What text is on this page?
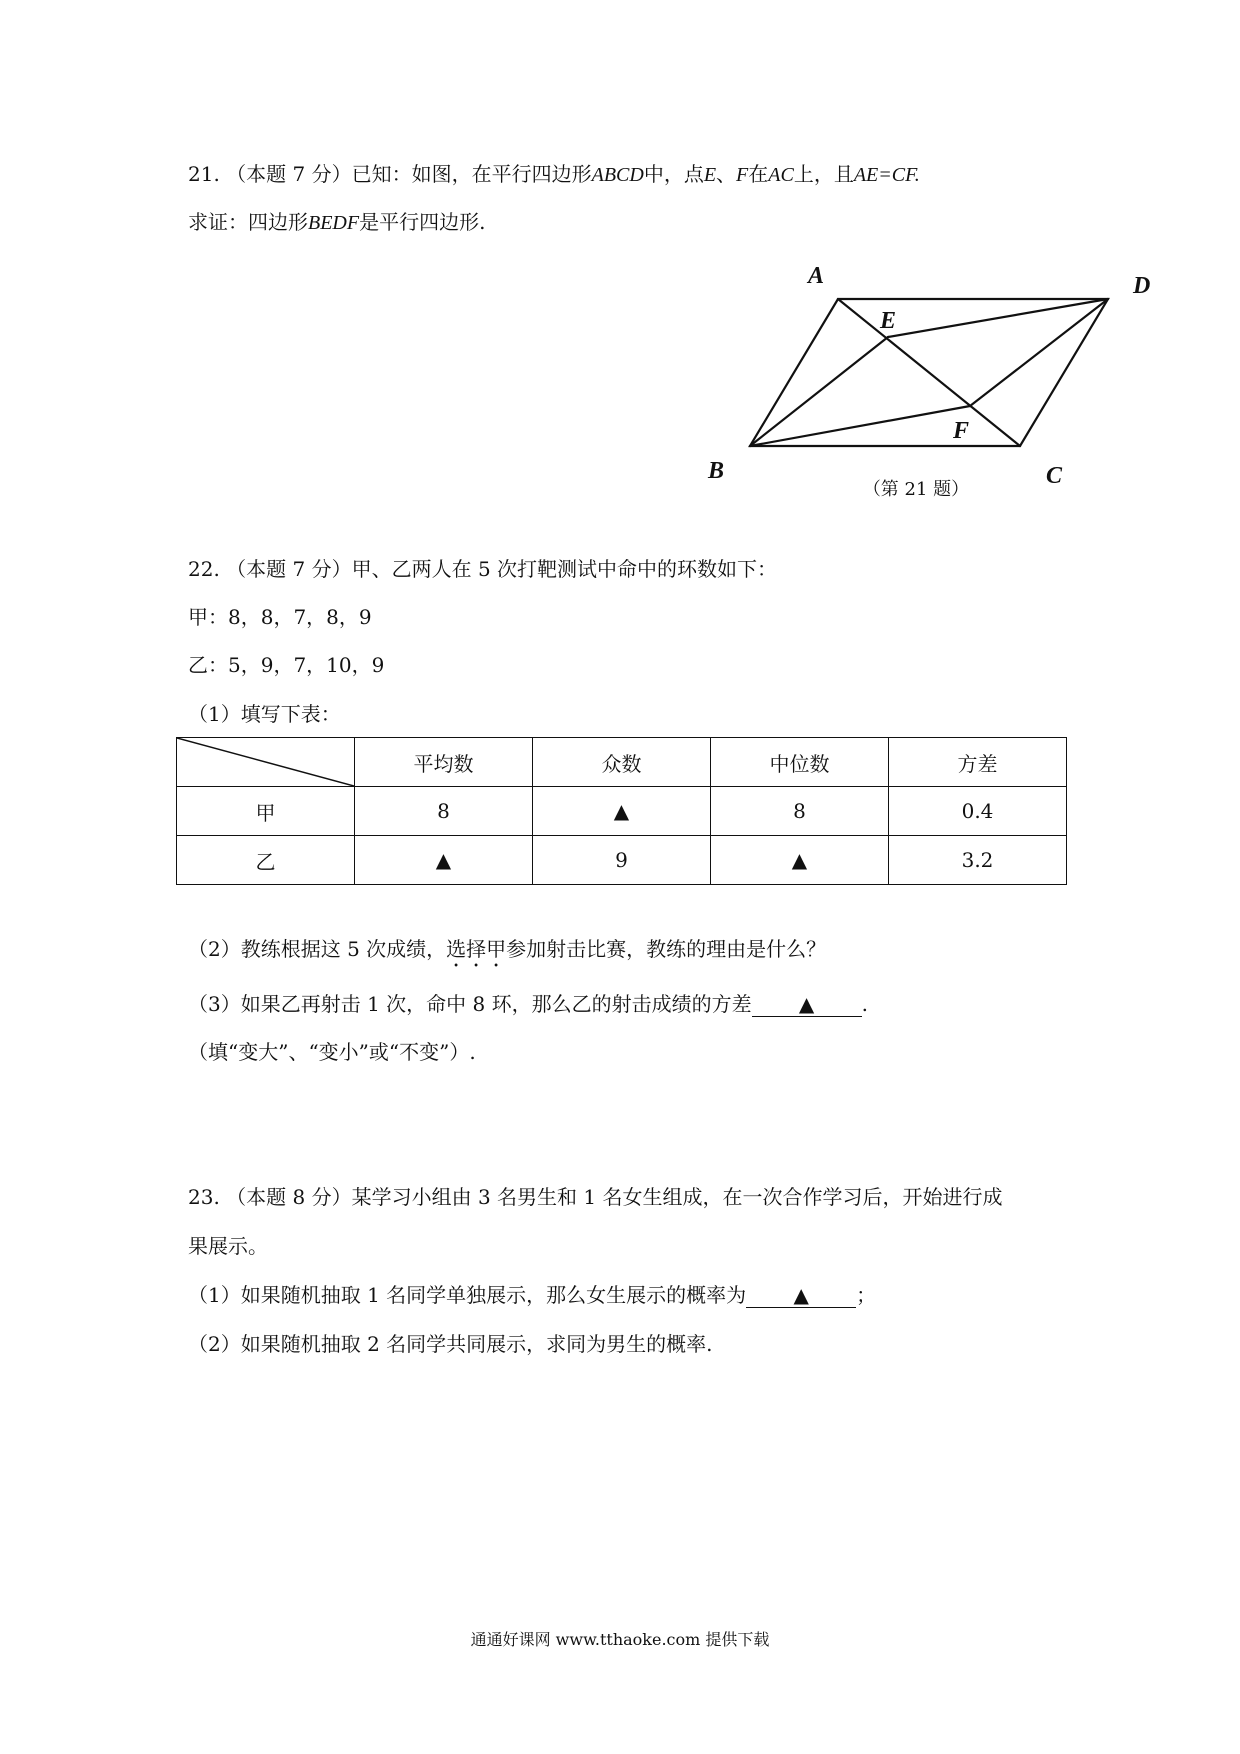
21. （本题 7 分）已知：如图，在平行四边形ABCD中，点E、F在AC上，且AE=CF.
求证：四边形BEDF是平行四边形.
A	D
E
F
B	C
（第 21 题）
22. （本题 7 分）甲、乙两人在 5 次打靶测试中命中的环数如下：
甲：8，8，7，8，9
乙：5，9，7，10，9
（1）填写下表：
	平均数	众数	中位数	方差
甲	8	▲	8	0.4
乙	▲	9	▲	3.2
（2）教练根据这 5 次成绩，选择甲参加射击比赛，教练的理由是什么？
（3）如果乙再射击 1 次，命中 8 环，那么乙的射击成绩的方差 ▲ .
（填“变大”、“变小”或“不变”）.
23. （本题 8 分）某学习小组由 3 名男生和 1 名女生组成，在一次合作学习后，开始进行成
果展示。
（1）如果随机抽取 1 名同学单独展示，那么女生展示的概率为 ▲ ；
（2）如果随机抽取 2 名同学共同展示，求同为男生的概率.
通通好课网 www.tthaoke.com 提供下载
